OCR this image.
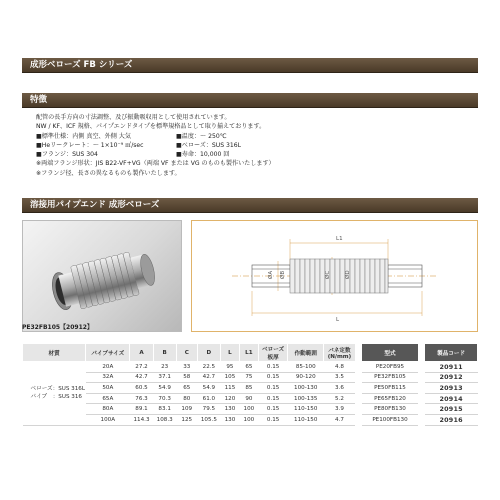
成形ベローズ FB シリーズ
特徴
配管の長手方向の寸法調整、及び振動吸収用として使用されています。
NW / KF、ICF 規格、パイプエンドタイプを標準規格品として取り揃えております。
■標準仕様：内側 真空、外側 大気	■温度：～ 250℃
■Heリークレート：～ 1×10⁻⁹ ㎥/sec	■ベローズ：SUS 316L
■フランジ：SUS 304	■寿命：10,000 回
※両端フランジ形状：JIS B22-VF+VG（両端 VF または VG のものも製作いたします）
※フランジ径、長さの異なるものも製作いたします。
溶接用パイプエンド 成形ベローズ
PE32FB105【20912】
L1
L
ØA ØB	ØC	ØD
材質	パイプサイズ	A	B	C	D	L	L1	ベローズ 板厚	作動範囲	バネ定数 (N/mm)		型式		製品コード

ベローズ：SUS 316L
パイプ　：SUS 316	20A	27.2	23	33	22.5	95	65	0.15	85-100	4.8		PE20FB95		20911
	32A	42.7	37.1	58	42.7	105	75	0.15	90-120	3.5		PE32FB105		20912
	50A	60.5	54.9	65	54.9	115	85	0.15	100-130	3.6		PE50FB115		20913
	65A	76.3	70.3	80	61.0	120	90	0.15	100-135	5.2		PE65FB120		20914
	80A	89.1	83.1	109	79.5	130	100	0.15	110-150	3.9		PE80FB130		20915
	100A	114.3	108.3	125	105.5	130	100	0.15	110-150	4.7		PE100FB130		20916
